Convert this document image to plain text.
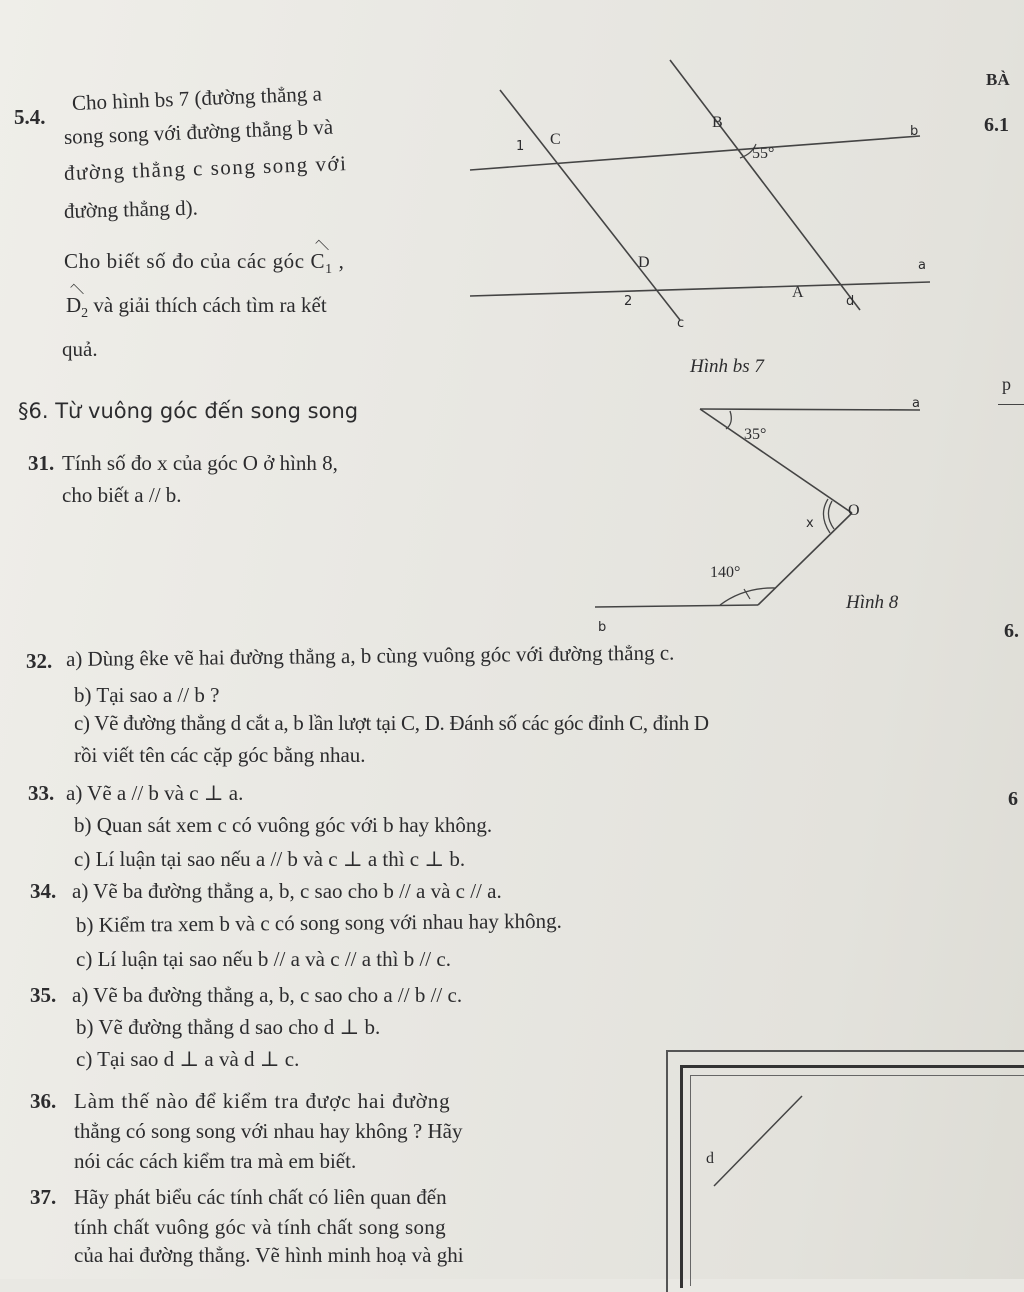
5.4.
Cho hình bs 7 (đường thẳng a
song song với đường thẳng b và
đường thẳng c song song với
đường thẳng d).
Cho biết số đo của các góc $C_1$ ,
$D_2$ và giải thích cách tìm ra kết
quả.
B
C
1	55°
b
D	a
2
A
d
c
Hình bs 7
§6. Từ vuông góc đến song song
31. Tính số đo x của góc O ở hình 8,
cho biết a // b.
a
35°
O
x
140°
Hình 8
b
32. a) Dùng êke vẽ hai đường thẳng a, b cùng vuông góc với đường thẳng c.
b) Tại sao a // b ?
c) Vẽ đường thẳng d cắt a, b lần lượt tại C, D. Đánh số các góc đỉnh C, đỉnh D
rồi viết tên các cặp góc bằng nhau.
33. a) Vẽ a // b và c ⊥ a.
b) Quan sát xem c có vuông góc với b hay không.
c) Lí luận tại sao nếu a // b và c ⊥ a thì c ⊥ b.
34. a) Vẽ ba đường thẳng a, b, c sao cho b // a và c // a.
b) Kiểm tra xem b và c có song song với nhau hay không.
c) Lí luận tại sao nếu b // a và c // a thì b // c.
35. a) Vẽ ba đường thẳng a, b, c sao cho a // b // c.
b) Vẽ đường thẳng d sao cho d ⊥ b.
c) Tại sao d ⊥ a và d ⊥ c.
36. Làm thế nào để kiểm tra được hai đường
thẳng có song song với nhau hay không ? Hãy
nói các cách kiểm tra mà em biết.
37. Hãy phát biểu các tính chất có liên quan đến
tính chất vuông góc và tính chất song song
của hai đường thẳng. Vẽ hình minh hoạ và ghi
d
BÀ
6.1
p
6.
6
